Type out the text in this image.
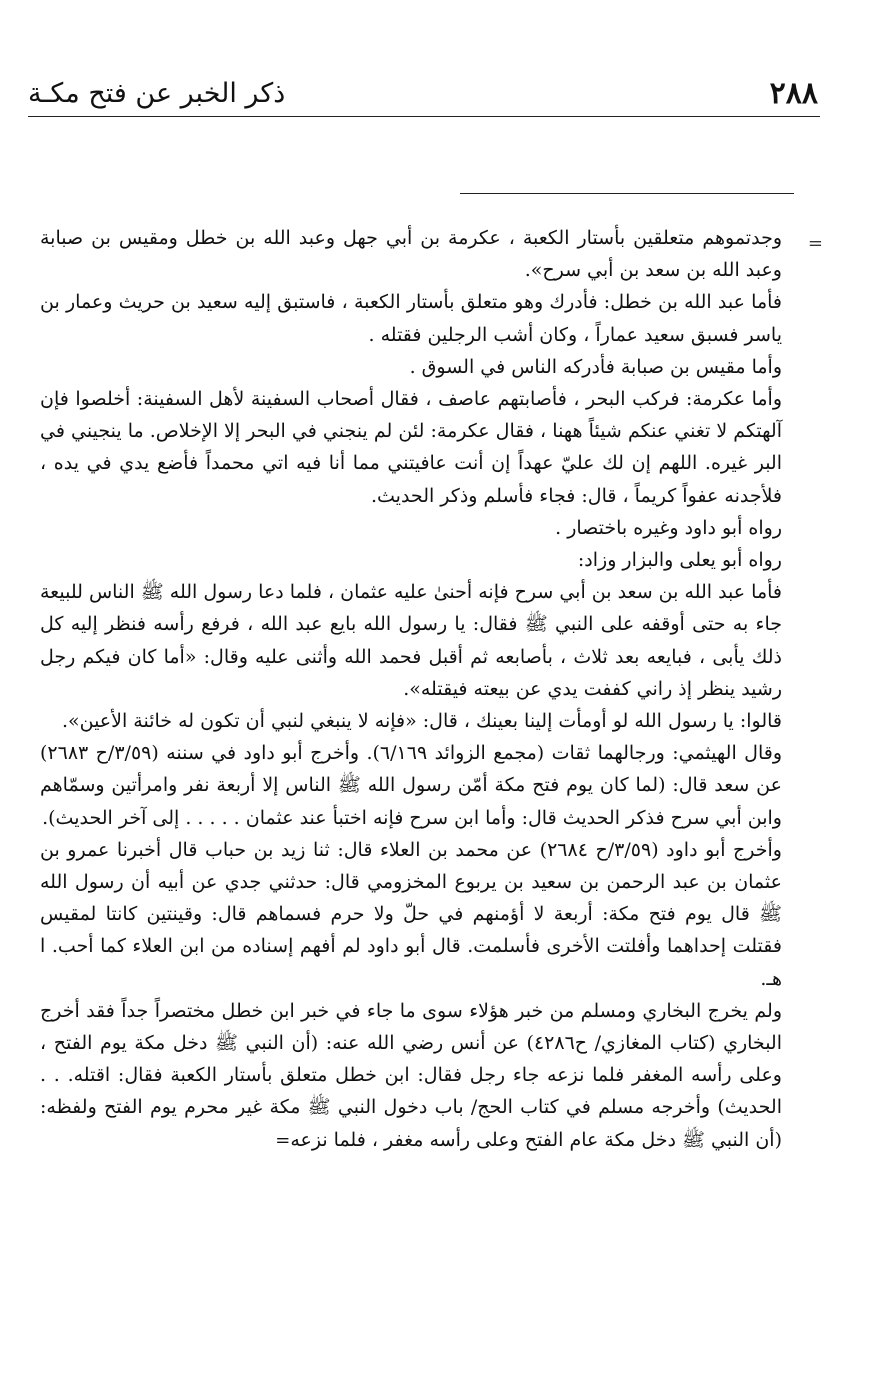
٢٨٨
ذكر الخبر عن فتح مكـة
=

وجدتموهم متعلقين بأستار الكعبة ، عكرمة بن أبي جهل وعبد الله بن خطل ومقيس بن صبابة وعبد الله بن سعد بن أبي سرح».

فأما عبد الله بن خطل: فأدرك وهو متعلق بأستار الكعبة ، فاستبق إليه سعيد بن حريث وعمار بن ياسر فسبق سعيد عماراً ، وكان أشب الرجلين فقتله .

وأما مقيس بن صبابة فأدركه الناس في السوق .

وأما عكرمة: فركب البحر ، فأصابتهم عاصف ، فقال أصحاب السفينة لأهل السفينة: أخلصوا فإن آلهتكم لا تغني عنكم شيئاً ههنا ، فقال عكرمة: لئن لم ينجني في البحر إلا الإخلاص. ما ينجيني في البر غيره. اللهم إن لك عليّ عهداً إن أنت عافيتني مما أنا فيه اتي محمداً فأضع يدي في يده ، فلأجدنه عفواً كريماً ، قال: فجاء فأسلم وذكر الحديث.

رواه أبو داود وغيره باختصار .

رواه أبو يعلى والبزار وزاد:

فأما عبد الله بن سعد بن أبي سرح فإنه أحنىٰ عليه عثمان ، فلما دعا رسول الله ﷺ الناس للبيعة جاء به حتى أوقفه على النبي ﷺ فقال: يا رسول الله بايع عبد الله ، فرفع رأسه فنظر إليه كل ذلك يأبى ، فبايعه بعد ثلاث ، بأصابعه ثم أقبل فحمد الله وأثنى عليه وقال: «أما كان فيكم رجل رشيد ينظر إذ راني كففت يدي عن بيعته فيقتله».

قالوا: يا رسول الله لو أومأت إلينا بعينك ، قال: «فإنه لا ينبغي لنبي أن تكون له خائنة الأعين».

وقال الهيثمي: ورجالهما ثقات (مجمع الزوائد ٦/١٦٩). وأخرج أبو داود في سننه (٣/٥٩/ح ٢٦٨٣) عن سعد قال: (لما كان يوم فتح مكة أمّن رسول الله ﷺ الناس إلا أربعة نفر وامرأتين وسمّاهم وابن أبي سرح فذكر الحديث قال: وأما ابن سرح فإنه اختبأ عند عثمان . . . . . إلى آخر الحديث).

وأخرج أبو داود (٣/٥٩/ح ٢٦٨٤) عن محمد بن العلاء قال: ثنا زيد بن حباب قال أخبرنا عمرو بن عثمان بن عبد الرحمن بن سعيد بن يربوع المخزومي قال: حدثني جدي عن أبيه أن رسول الله ﷺ قال يوم فتح مكة: أربعة لا أؤمنهم في حلّ ولا حرم فسماهم قال: وقينتين كانتا لمقيس فقتلت إحداهما وأفلتت الأخرى فأسلمت. قال أبو داود لم أفهم إسناده من ابن العلاء كما أحب. ا هـ.

ولم يخرج البخاري ومسلم من خبر هؤلاء سوى ما جاء في خبر ابن خطل مختصراً جداً فقد أخرج البخاري (كتاب المغازي/ ح٤٢٨٦) عن أنس رضي الله عنه: (أن النبي ﷺ دخل مكة يوم الفتح ، وعلى رأسه المغفر فلما نزعه جاء رجل فقال: ابن خطل متعلق بأستار الكعبة فقال: اقتله. . . الحديث) وأخرجه مسلم في كتاب الحج/ باب دخول النبي ﷺ مكة غير محرم يوم الفتح ولفظه: (أن النبي ﷺ دخل مكة عام الفتح وعلى رأسه مغفر ، فلما نزعه=
